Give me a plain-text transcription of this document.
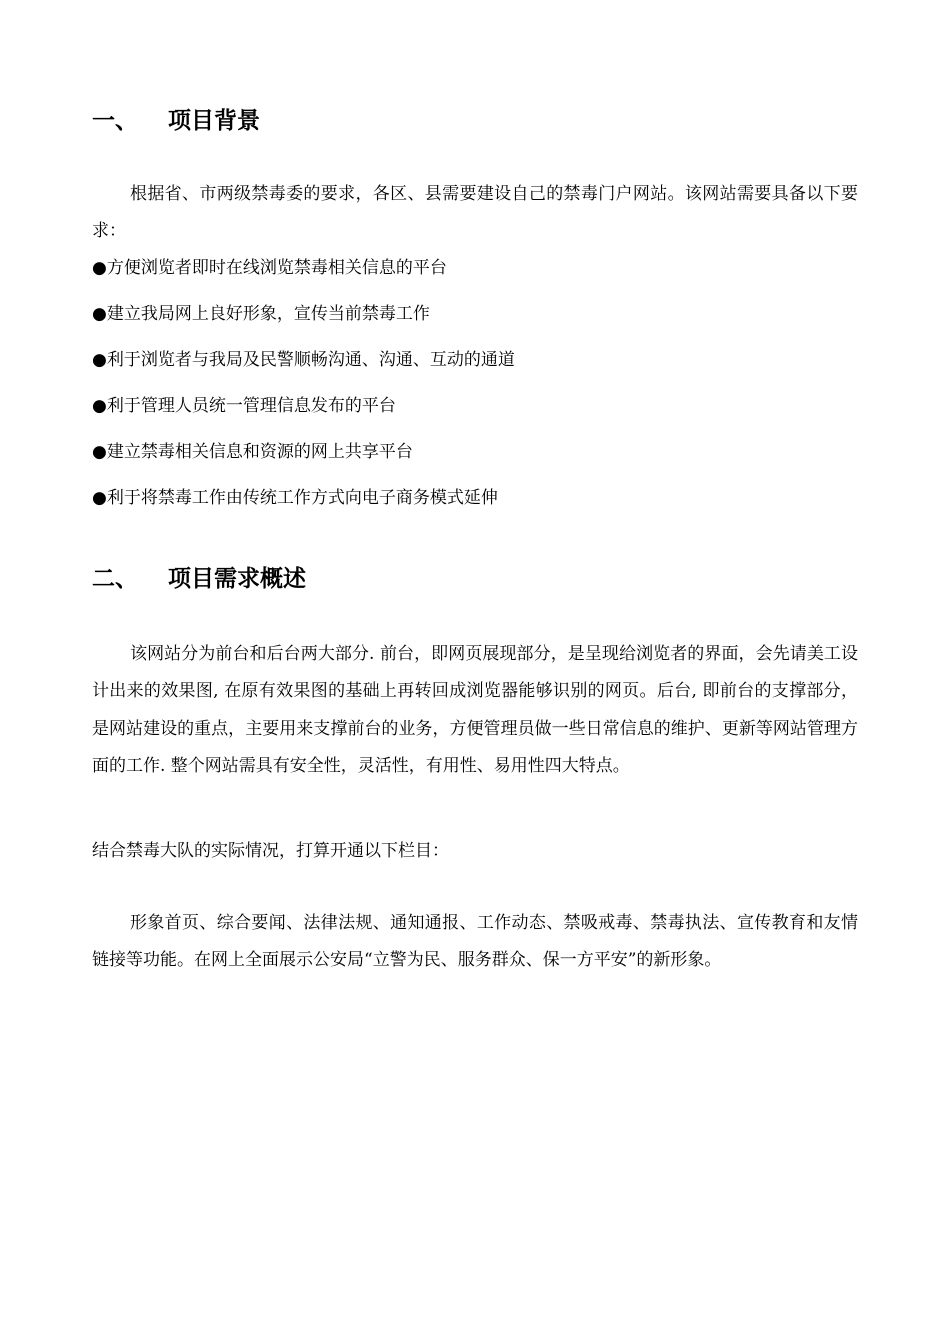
一、 项目背景

根据省、市两级禁毒委的要求，各区、县需要建设自己的禁毒门户网站。该网站需要具备以下要求：

●方便浏览者即时在线浏览禁毒相关信息的平台
●建立我局网上良好形象，宣传当前禁毒工作
●利于浏览者与我局及民警顺畅沟通、沟通、互动的通道
●利于管理人员统一管理信息发布的平台
●建立禁毒相关信息和资源的网上共享平台
●利于将禁毒工作由传统工作方式向电子商务模式延伸
二、 项目需求概述

该网站分为前台和后台两大部分. 前台，即网页展现部分，是呈现给浏览者的界面，会先请美工设计出来的效果图, 在原有效果图的基础上再转回成浏览器能够识别的网页。后台, 即前台的支撑部分，是网站建设的重点，主要用来支撑前台的业务，方便管理员做一些日常信息的维护、更新等网站管理方面的工作. 整个网站需具有安全性，灵活性，有用性、易用性四大特点。

结合禁毒大队的实际情况，打算开通以下栏目：

形象首页、综合要闻、法律法规、通知通报、工作动态、禁吸戒毒、禁毒执法、宣传教育和友情链接等功能。在网上全面展示公安局“立警为民、服务群众、保一方平安”的新形象。
